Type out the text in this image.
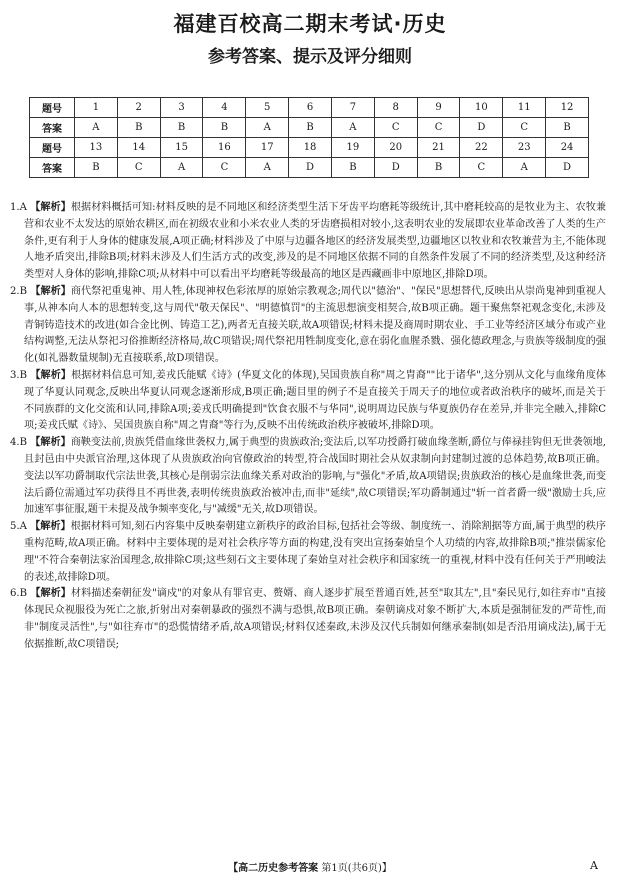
福建百校高二期末考试·历史
参考答案、提示及评分细则
题号	1	2	3	4	5	6	7	8	9	10	11	12
答案	A	B	B	B	A	B	A	C	C	D	C	B
题号	13	14	15	16	17	18	19	20	21	22	23	24
答案	B	C	A	C	A	D	B	D	B	C	A	D

1.A 【解析】根据材料概括可知:材料反映的是不同地区和经济类型生活下牙齿平均磨耗等级统计,其中磨耗较高的是牧业为主、农牧兼营和农业不太发达的原始农耕区,而在初级农业和小米农业人类的牙齿磨损相对较小,这表明农业的发展即农业革命改善了人类的生产条件,更有利于人身体的健康发展,A项正确;材料涉及了中原与边疆各地区的经济发展类型,边疆地区以牧业和农牧兼营为主,不能体现人地矛盾突出,排除B项;材料未涉及人们生活方式的改变,涉及的是不同地区依据不同的自然条件发展了不同的经济类型,及这种经济类型对人身体的影响,排除C项;从材料中可以看出平均磨耗等级最高的地区是西藏画非中原地区,排除D项。

2.B 【解析】商代祭祀重鬼神、用人牲,体现神权色彩浓厚的原始宗教观念;周代以"德治"、"保民"思想替代,反映出从崇尚鬼神到重视人事,从神本向人本的思想转变,这与周代"敬天保民"、"明德慎罚"的主流思想演变相契合,故B项正确。题干聚焦祭祀观念变化,未涉及青铜铸造技术的改进(如合金比例、铸造工艺),两者无直接关联,故A项错误;材料未提及商周时期农业、手工业等经济区域分布或产业结构调整,无法从祭祀习俗推断经济格局,故C项错误;周代祭祀用牲制度变化,意在弱化血腥杀戮、强化德政理念,与贵族等级制度的强化(如礼器数量规制)无直接联系,故D项错误。

3.B 【解析】根据材料信息可知,姜戎氏能赋《诗》(华夏文化的体现),吴国贵族自称"周之胄裔""比于诸华",这分别从文化与血缘角度体现了华夏认同观念,反映出华夏认同观念逐渐形成,B项正确;题目里的例子不是直接关于周天子的地位或者政治秩序的破坏,而是关于不同族群的文化交流和认同,排除A项;姜戎氏明确提到"饮食衣服不与华同",说明周边民族与华夏族仍存在差异,并非完全融入,排除C项;姜戎氏赋《诗》、吴国贵族自称"周之胄裔"等行为,反映不出传统政治秩序被破坏,排除D项。

4.B 【解析】商鞅变法前,贵族凭借血缘世袭权力,属于典型的贵族政治;变法后,以军功授爵打破血缘垄断,爵位与俸禄挂钩但无世袭领地,且封邑由中央派官治理,这体现了从贵族政治向官僚政治的转型,符合战国时期社会从奴隶制向封建制过渡的总体趋势,故B项正确。变法以军功爵制取代宗法世袭,其核心是削弱宗法血缘关系对政治的影响,与"强化"矛盾,故A项错误;贵族政治的核心是血缘世袭,而变法后爵位需通过军功获得且不再世袭,表明传统贵族政治被冲击,而非"延续",故C项错误;军功爵制通过"斩一首者爵一级"激励士兵,应加速军事征服,题干未提及战争频率变化,与"减缓"无关,故D项错误。

5.A 【解析】根据材料可知,刻石内容集中反映秦朝建立新秩序的政治目标,包括社会等级、制度统一、消除割据等方面,属于典型的秩序重构范畴,故A项正确。材料中主要体现的是对社会秩序等方面的构建,没有突出宣扬秦始皇个人功绩的内容,故排除B项;"推崇儒家伦理"不符合秦朝法家治国理念,故排除C项;这些刻石文主要体现了秦始皇对社会秩序和国家统一的重视,材料中没有任何关于严刑峻法的表述,故排除D项。

6.B 【解析】材料描述秦朝征发"谪戍"的对象从有罪官吏、赘婿、商人逐步扩展至普通百姓,甚至"取其左",且"秦民见行,如往弃市"直接体现民众视服役为死亡之旅,折射出对秦朝暴政的强烈不满与恐惧,故B项正确。秦朝谪戍对象不断扩大,本质是强制征发的严苛性,而非"制度灵活性",与"如往弃市"的恐慌情绪矛盾,故A项错误;材料仅述秦政,未涉及汉代兵制如何继承秦制(如是否沿用谪戍法),属于无依据推断,故C项错误;

【高二历史参考答案 第1页(共6页)】	A
